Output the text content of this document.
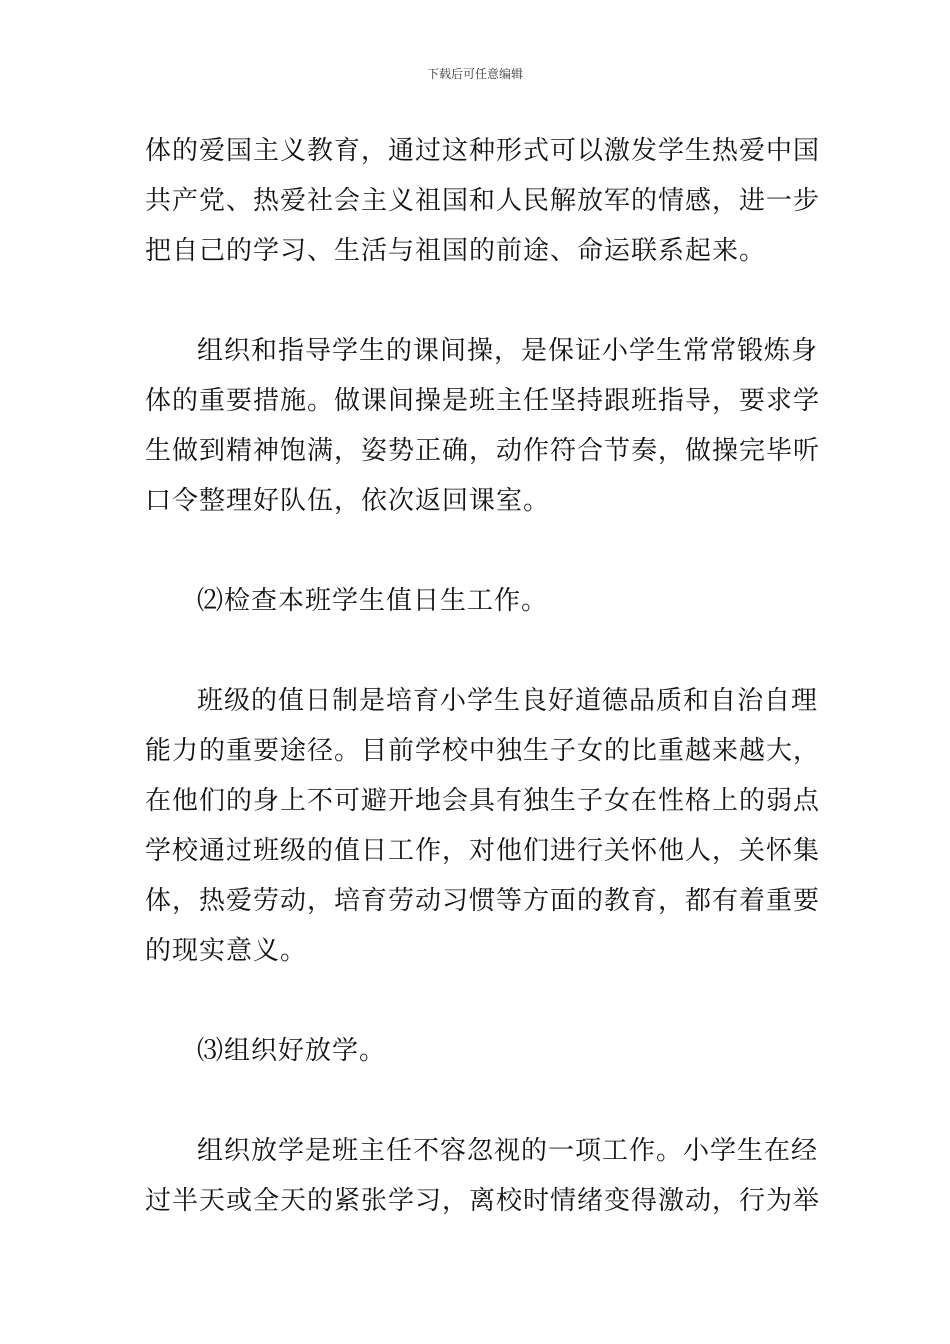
下载后可任意编辑
体的爱国主义教育，通过这种形式可以激发学生热爱中国
共产党、热爱社会主义祖国和人民解放军的情感，进一步
把自己的学习、生活与祖国的前途、命运联系起来。
组织和指导学生的课间操，是保证小学生常常锻炼身
体的重要措施。做课间操是班主任坚持跟班指导，要求学
生做到精神饱满，姿势正确，动作符合节奏，做操完毕听
口令整理好队伍，依次返回课室。
⑵检查本班学生值日生工作。
班级的值日制是培育小学生良好道德品质和自治自理
能力的重要途径。目前学校中独生子女的比重越来越大，
在他们的身上不可避开地会具有独生子女在性格上的弱点
学校通过班级的值日工作，对他们进行关怀他人，关怀集
体，热爱劳动，培育劳动习惯等方面的教育，都有着重要
的现实意义。
⑶组织好放学。
组织放学是班主任不容忽视的一项工作。小学生在经
过半天或全天的紧张学习，离校时情绪变得激动，行为举
